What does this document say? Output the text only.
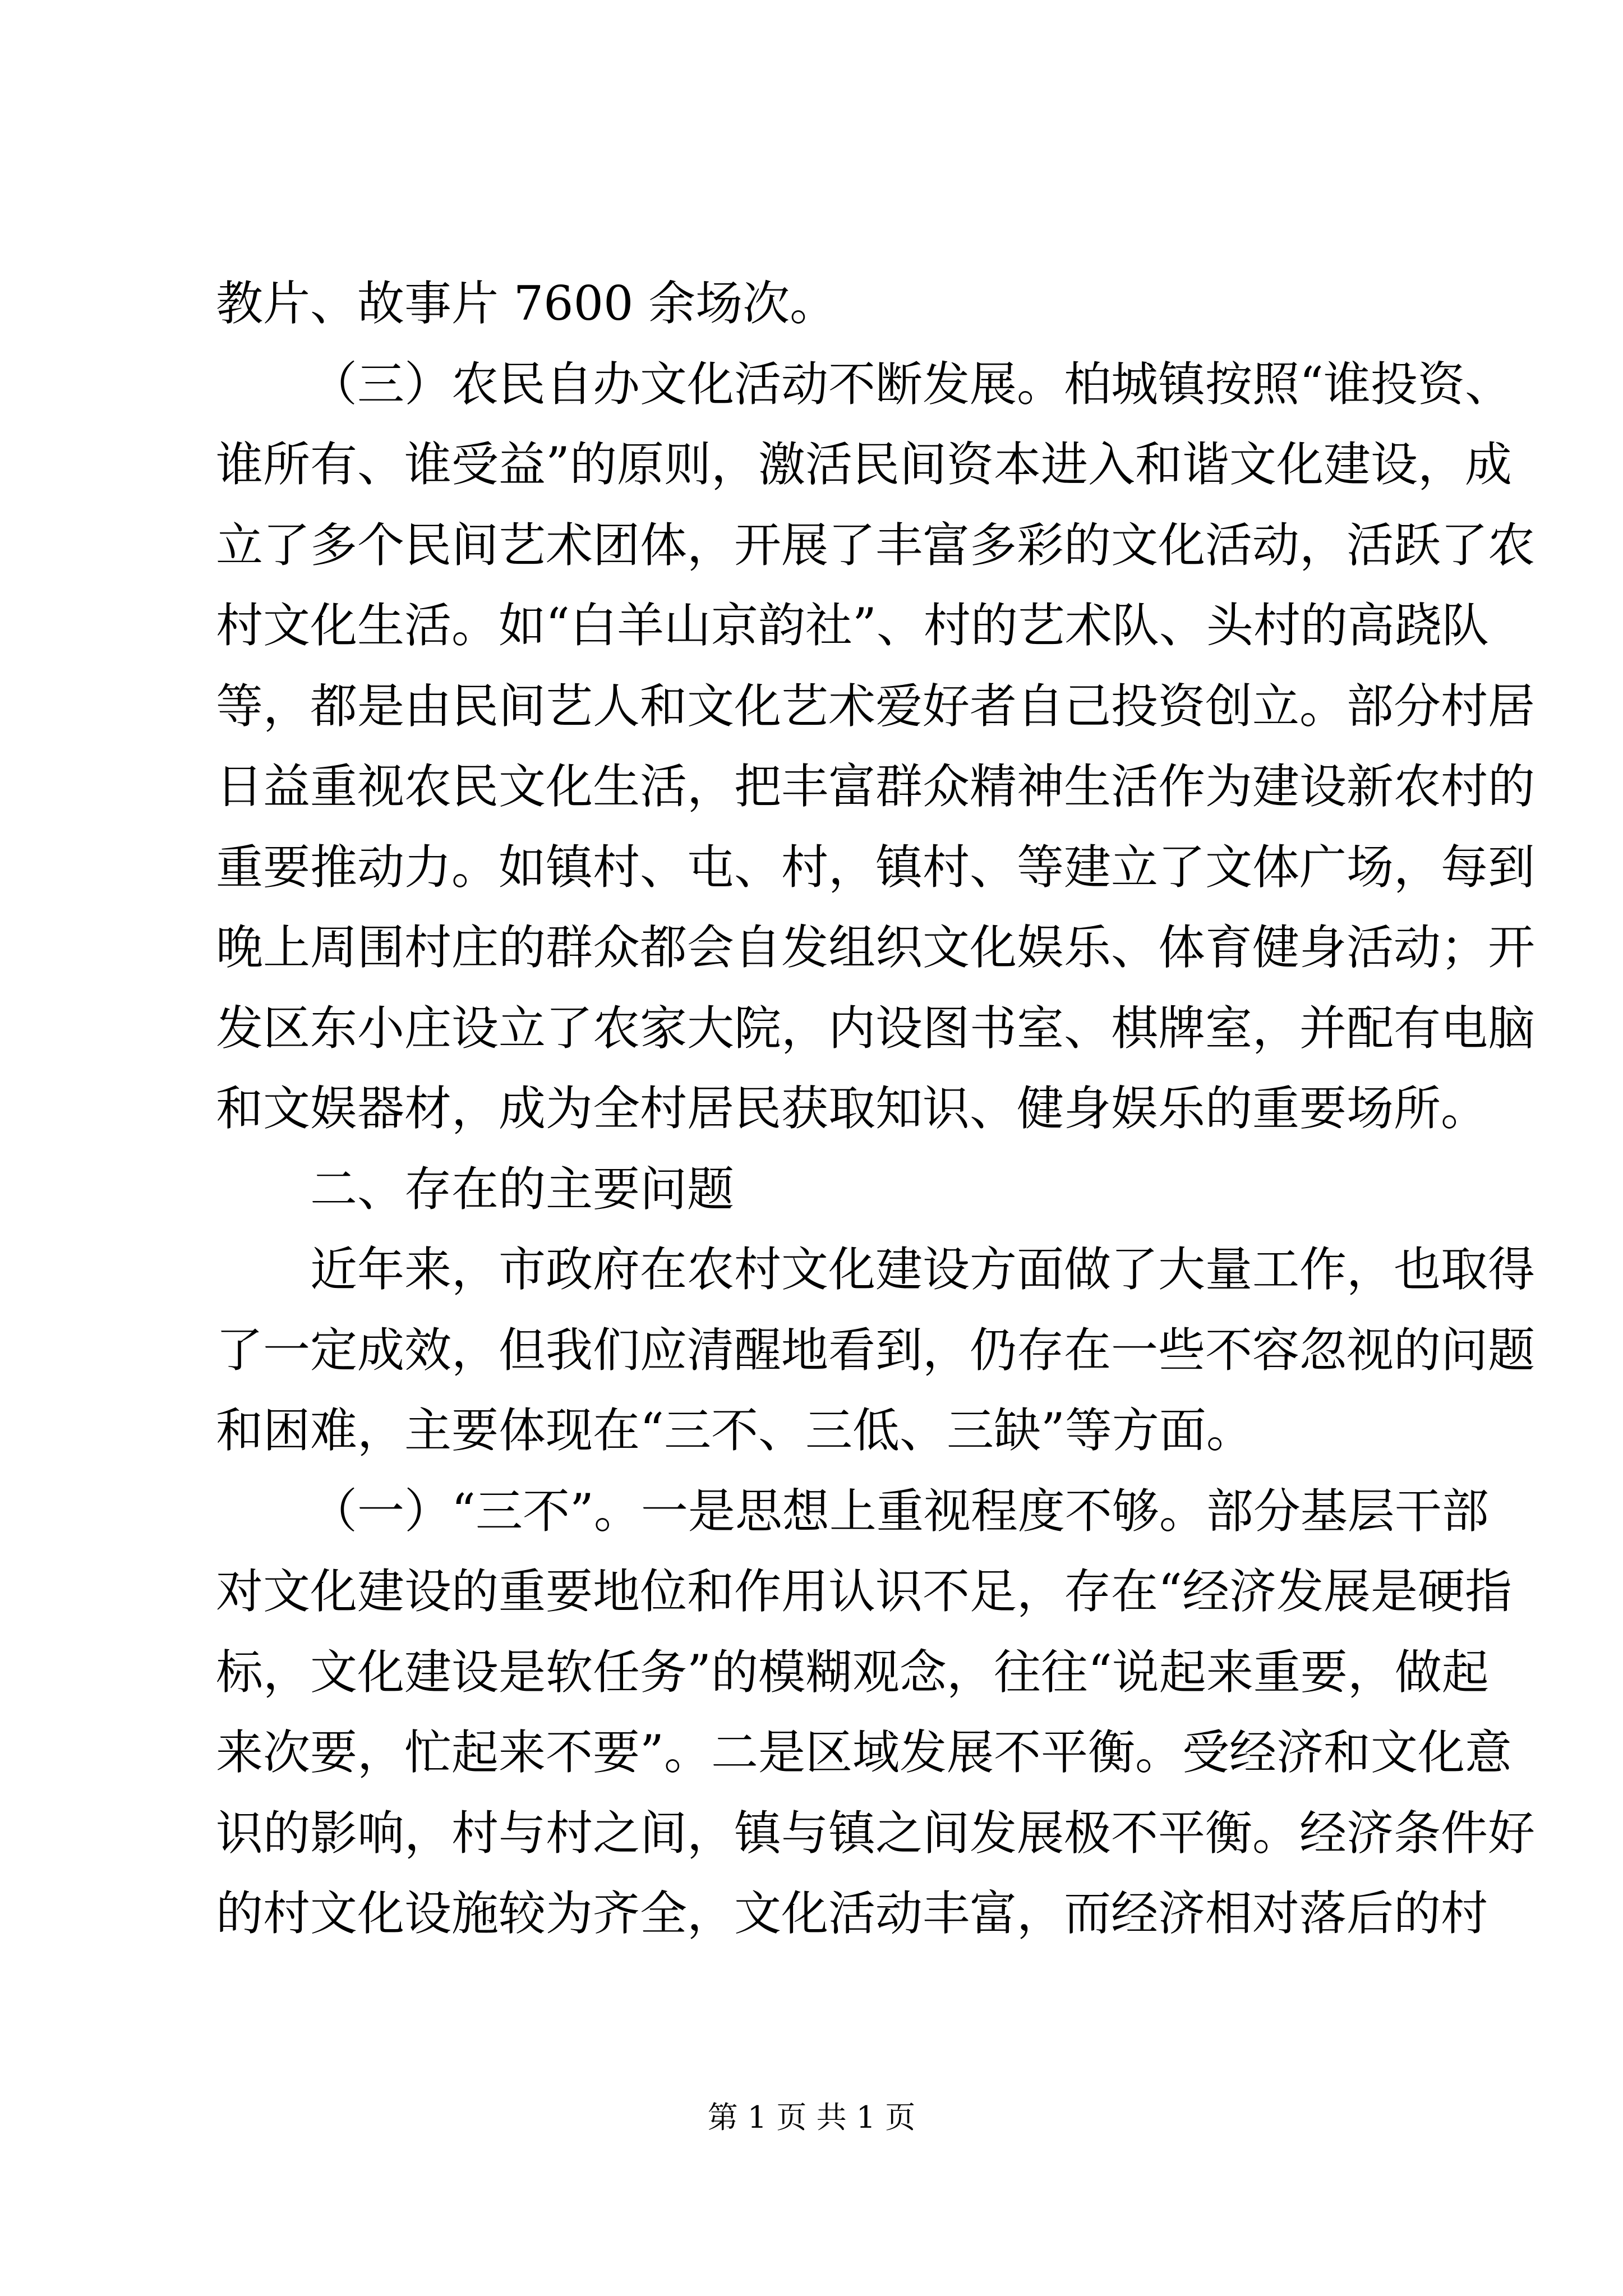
教片、故事片 7600 余场次。
（三）农民自办文化活动不断发展。柏城镇按照“谁投资、
谁所有、谁受益”的原则，激活民间资本进入和谐文化建设，成
立了多个民间艺术团体，开展了丰富多彩的文化活动，活跃了农
村文化生活。如“白羊山京韵社”、村的艺术队、头村的高跷队
等，都是由民间艺人和文化艺术爱好者自己投资创立。部分村居
日益重视农民文化生活，把丰富群众精神生活作为建设新农村的
重要推动力。如镇村、屯、村，镇村、等建立了文体广场，每到
晚上周围村庄的群众都会自发组织文化娱乐、体育健身活动；开
发区东小庄设立了农家大院，内设图书室、棋牌室，并配有电脑
和文娱器材，成为全村居民获取知识、健身娱乐的重要场所。
二、存在的主要问题
近年来，市政府在农村文化建设方面做了大量工作，也取得
了一定成效，但我们应清醒地看到，仍存在一些不容忽视的问题
和困难，主要体现在“三不、三低、三缺”等方面。
（一）“三不”。一是思想上重视程度不够。部分基层干部
对文化建设的重要地位和作用认识不足，存在“经济发展是硬指
标，文化建设是软任务”的模糊观念，往往“说起来重要，做起
来次要，忙起来不要”。二是区域发展不平衡。受经济和文化意
识的影响，村与村之间，镇与镇之间发展极不平衡。经济条件好
的村文化设施较为齐全，文化活动丰富，而经济相对落后的村
第 1 页 共 1 页
